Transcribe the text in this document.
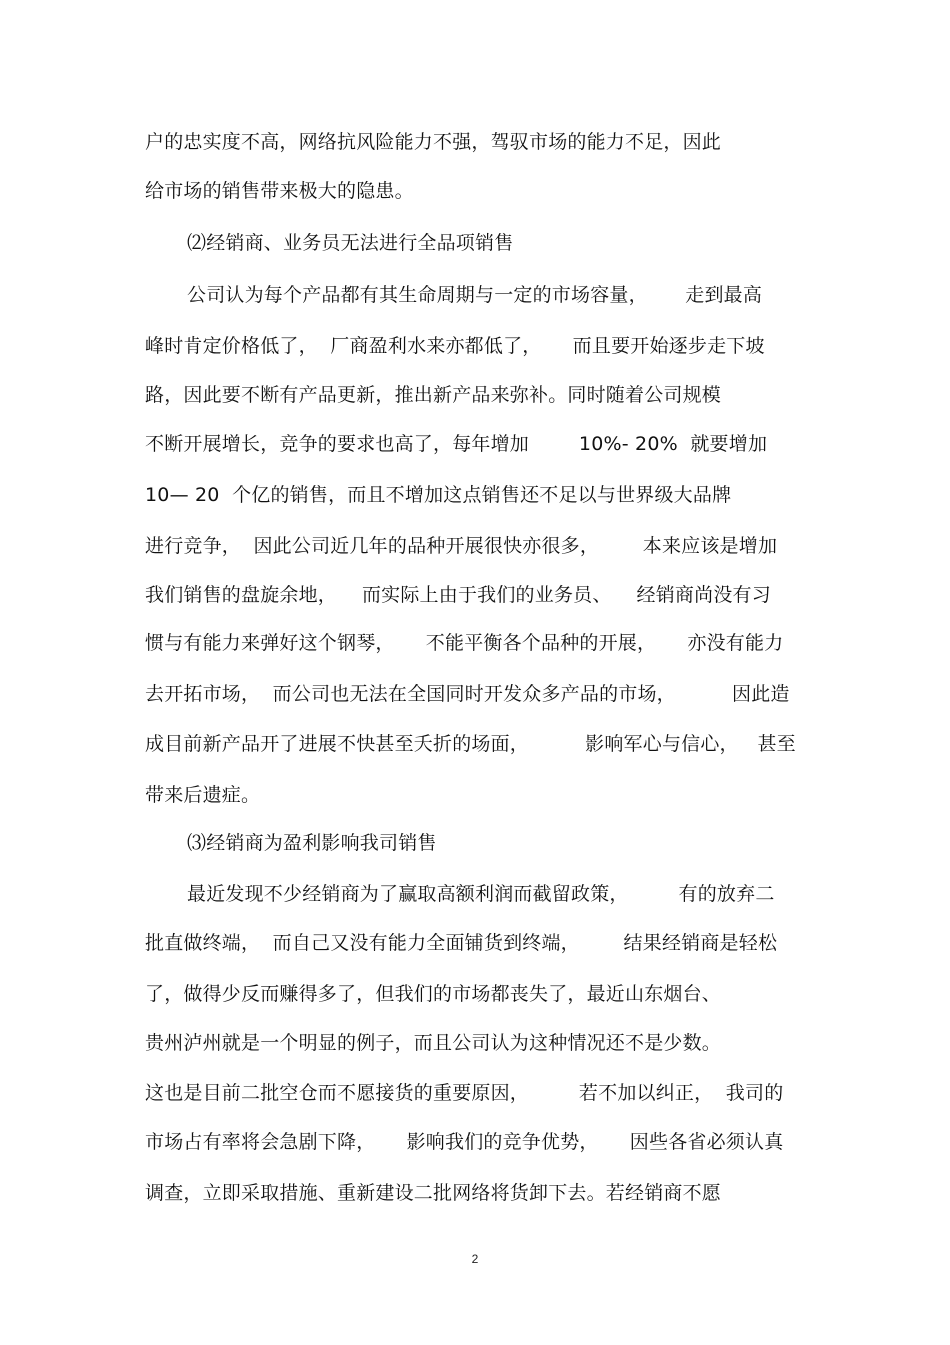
户的忠实度不高，网络抗风险能力不强，驾驭市场的能力不足，因此
给市场的销售带来极大的隐患。
⑵经销商、业务员无法进行全品项销售
公司认为每个产品都有其生命周期与一定的市场容量，      走到最高
峰时肯定价格低了，  厂商盈利水来亦都低了，     而且要开始逐步走下坡
路，因此要不断有产品更新，推出新产品来弥补。同时随着公司规模
不断开展增长，竞争的要求也高了，每年增加        10%- 20%  就要增加
10— 20  个亿的销售，而且不增加这点销售还不足以与世界级大品牌
进行竞争，  因此公司近几年的品种开展很快亦很多，       本来应该是增加
我们销售的盘旋余地，    而实际上由于我们的业务员、    经销商尚没有习
惯与有能力来弹好这个钢琴，     不能平衡各个品种的开展，     亦没有能力
去开拓市场，  而公司也无法在全国同时开发众多产品的市场，         因此造
成目前新产品开了进展不快甚至夭折的场面，         影响军心与信心，   甚至
带来后遗症。
⑶经销商为盈利影响我司销售
最近发现不少经销商为了赢取高额利润而截留政策，        有的放弃二
批直做终端，  而自己又没有能力全面铺货到终端，       结果经销商是轻松
了，做得少反而赚得多了，但我们的市场都丧失了，最近山东烟台、
贵州泸州就是一个明显的例子，而且公司认为这种情况还不是少数。
这也是目前二批空仓而不愿接货的重要原因，        若不加以纠正，  我司的
市场占有率将会急剧下降，     影响我们的竞争优势，     因些各省必须认真
调查，立即采取措施、重新建设二批网络将货卸下去。若经销商不愿
2
